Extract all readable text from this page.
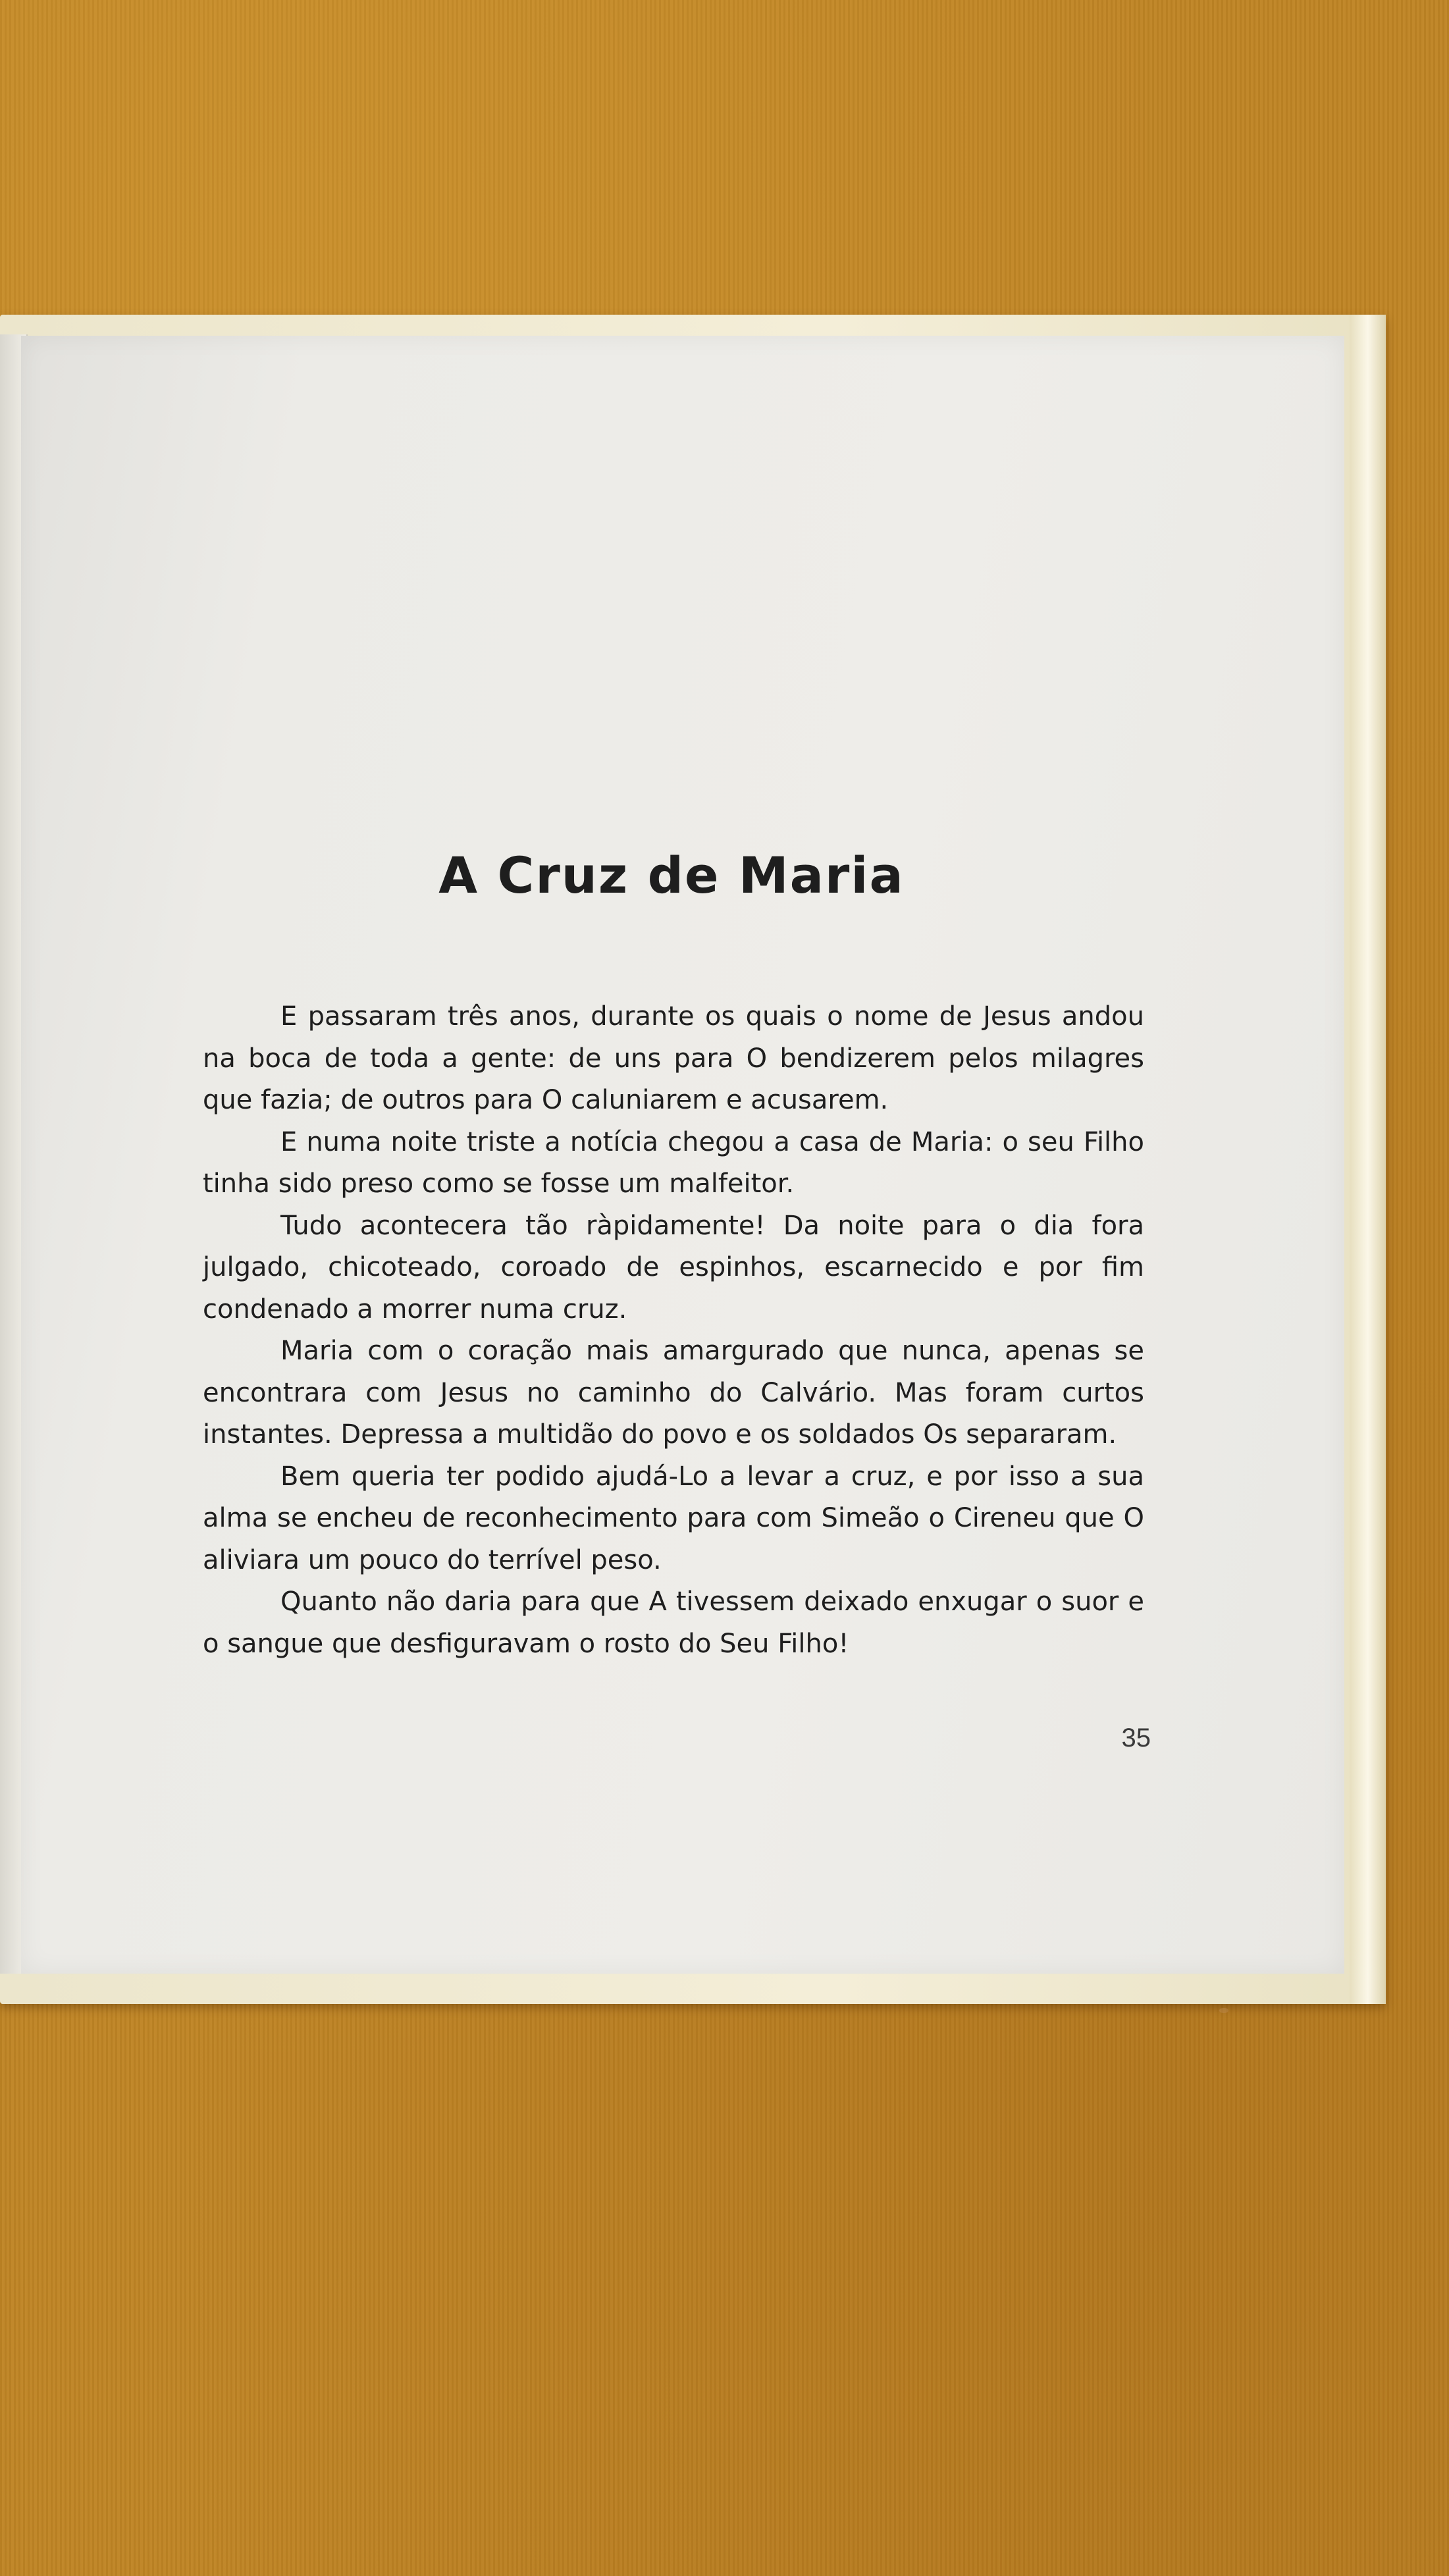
A Cruz de Maria

E passaram três anos, durante os quais o nome de Jesus andou na boca de toda a gente: de uns para O bendizerem pelos milagres que fazia; de outros para O caluniarem e acusarem.

E numa noite triste a notícia chegou a casa de Maria: o seu Filho tinha sido preso como se fosse um malfeitor.

Tudo acontecera tão ràpidamente! Da noite para o dia fora julgado, chicoteado, coroado de espinhos, escarnecido e por fim condenado a morrer numa cruz.

Maria com o coração mais amargurado que nunca, apenas se encontrara com Jesus no caminho do Calvário. Mas foram curtos instantes. Depressa a multidão do povo e os soldados Os separaram.

Bem queria ter podido ajudá-Lo a levar a cruz, e por isso a sua alma se encheu de reconhecimento para com Simeão o Cireneu que O aliviara um pouco do terrível peso.

Quanto não daria para que A tivessem deixado enxugar o suor e o sangue que desfiguravam o rosto do Seu Filho!

35
